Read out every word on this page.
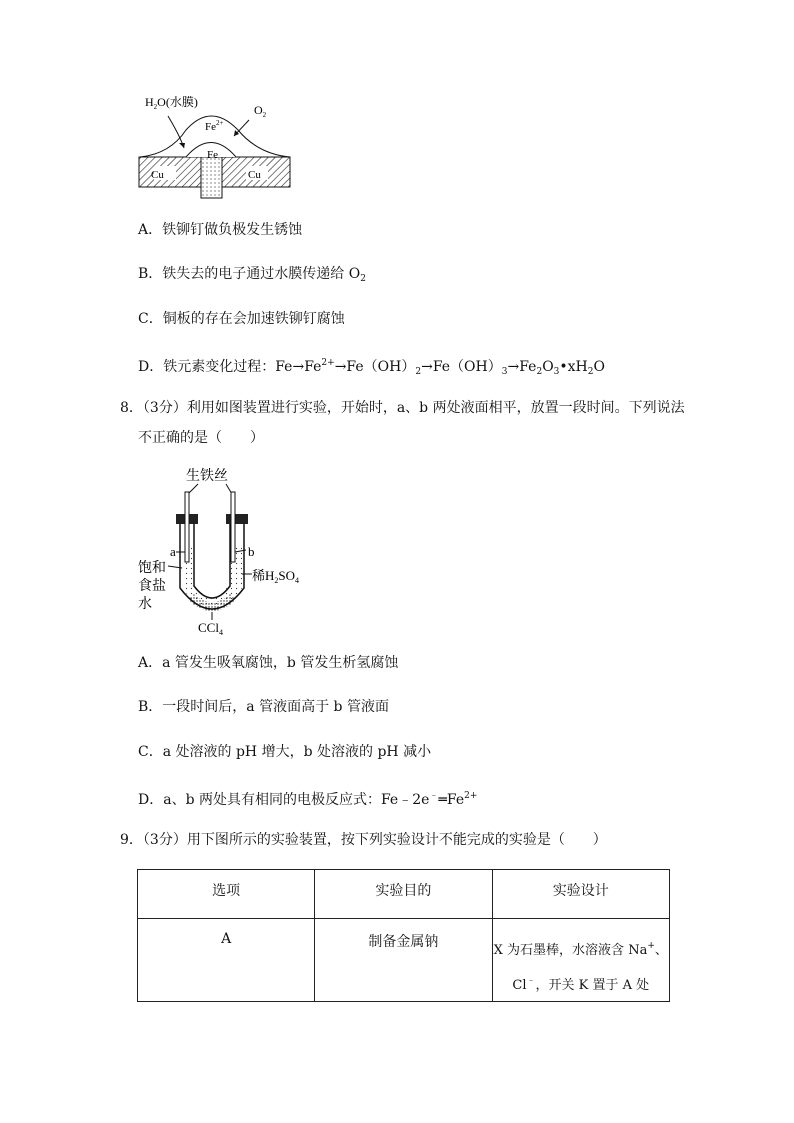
$Fe^{2+}$
Fe
$H_2O$(水膜)
$O_2$
Cu	Cu
A．铁铆钉做负极发生锈蚀
B．铁失去的电子通过水膜传递给 $O_2$
C．铜板的存在会加速铁铆钉腐蚀
D．铁元素变化过程：$Fe\to Fe^{2+}\to Fe(OH)_2\to Fe(OH)_3\to Fe_2O_3•xH_2O$
8．（3分）利用如图装置进行实验，开始时，a、b 两处液面相平，放置一段时间。下列说法
不正确的是（　　）
生铁丝
a	b
饱和
食盐
水
稀$H_2SO_4$
CCl$_4$
A．a 管发生吸氧腐蚀，b 管发生析氢腐蚀
B．一段时间后，a 管液面高于 b 管液面
C．a 处溶液的 pH 增大，b 处溶液的 pH 减小
D．a、b 两处具有相同的电极反应式：$Fe﹣2e^﹣═Fe^{2+}$
9．（3分）用下图所示的实验装置，按下列实验设计不能完成的实验是（　　）
选项	实验目的	实验设计
A	制备金属钠	X 为石墨棒，水溶液含 Na+、
Cl﹣，开关 K 置于 A 处
